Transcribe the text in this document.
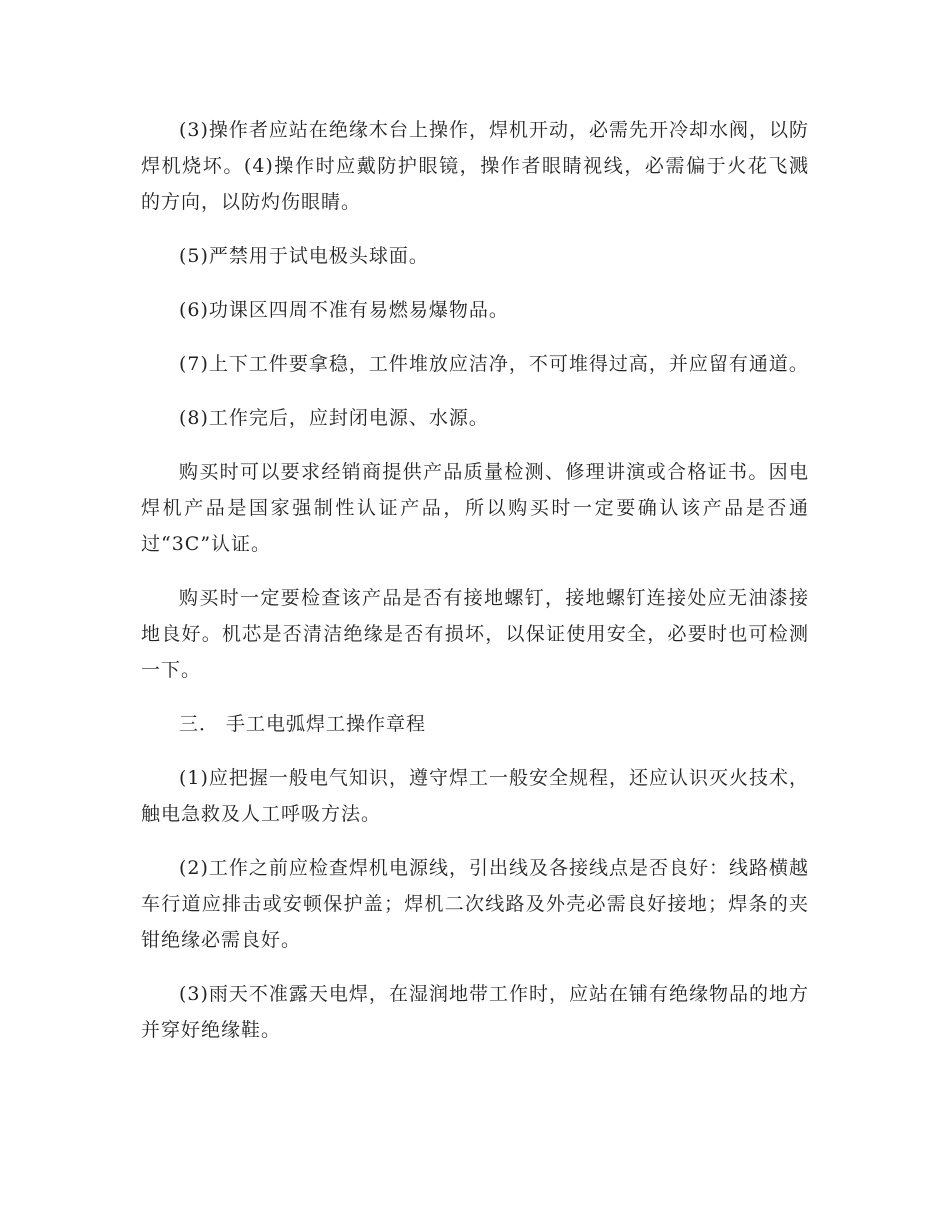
(3)操作者应站在绝缘木台上操作，焊机开动，必需先开冷却水阀，以防焊机烧坏。(4)操作时应戴防护眼镜，操作者眼睛视线，必需偏于火花飞溅的方向，以防灼伤眼睛。

(5)严禁用于试电极头球面。

(6)功课区四周不准有易燃易爆物品。

(7)上下工件要拿稳，工件堆放应洁净，不可堆得过高，并应留有通道。

(8)工作完后，应封闭电源、水源。

购买时可以要求经销商提供产品质量检测、修理讲演或合格证书。因电焊机产品是国家强制性认证产品，所以购买时一定要确认该产品是否通过“3C”认证。

购买时一定要检查该产品是否有接地螺钉，接地螺钉连接处应无油漆接地良好。机芯是否清洁绝缘是否有损坏，以保证使用安全，必要时也可检测一下。

三． 手工电弧焊工操作章程

(1)应把握一般电气知识，遵守焊工一般安全规程，还应认识灭火技术，触电急救及人工呼吸方法。

(2)工作之前应检查焊机电源线，引出线及各接线点是否良好：线路横越车行道应排击或安顿保护盖；焊机二次线路及外壳必需良好接地；焊条的夹钳绝缘必需良好。

(3)雨天不准露天电焊，在湿润地带工作时，应站在铺有绝缘物品的地方并穿好绝缘鞋。
